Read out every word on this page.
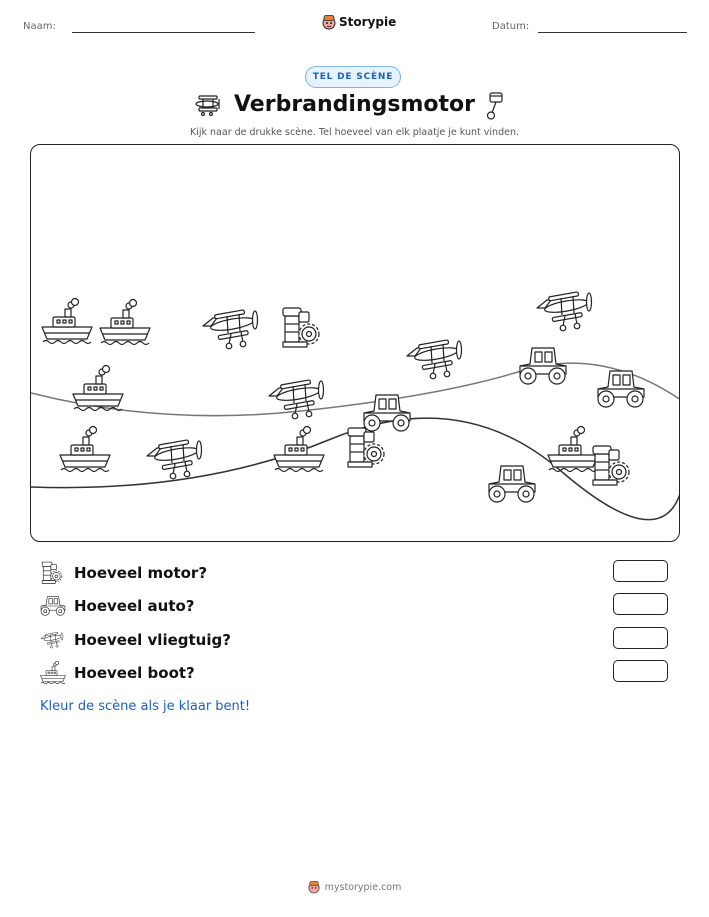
Naam:	Storypie	Datum:
TEL DE SCÈNE
Verbrandingsmotor
Kijk naar de drukke scène. Tel hoeveel van elk plaatje je kunt vinden.
Hoeveel motor?
Hoeveel auto?
Hoeveel vliegtuig?
Hoeveel boot?
Kleur de scène als je klaar bent!
mystorypie.com
